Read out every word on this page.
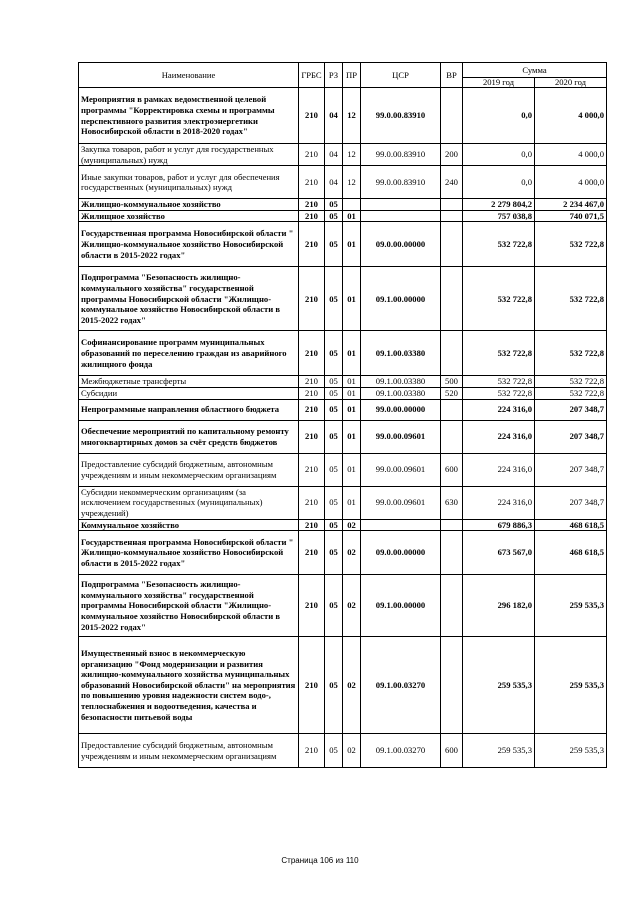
Наименование	ГРБС	РЗ	ПР	ЦСР	ВР	Сумма	
						2019 год	2020 год
Мероприятия в рамках ведомственной целевой программы "Корректировка схемы и программы перспективного развития электроэнергетики Новосибирской области в 2018-2020 годах"	210	04	12	99.0.00.83910		0,0	4 000,0
Закупка товаров, работ и услуг для государственных (муниципальных) нужд	210	04	12	99.0.00.83910	200	0,0	4 000,0
Иные закупки товаров, работ и услуг для обеспечения государственных (муниципальных) нужд	210	04	12	99.0.00.83910	240	0,0	4 000,0
Жилищно-коммунальное хозяйство	210	05				2 279 804,2	2 234 467,0
Жилищное хозяйство	210	05	01			757 038,8	740 071,5
Государственная программа Новосибирской области " Жилищно-коммунальное хозяйство Новосибирской области в 2015-2022 годах"	210	05	01	09.0.00.00000		532 722,8	532 722,8
Подпрограмма "Безопасность жилищно-коммунального хозяйства" государственной программы Новосибирской области "Жилищно-коммунальное хозяйство Новосибирской области в 2015-2022 годах"	210	05	01	09.1.00.00000		532 722,8	532 722,8
Софинансирование программ муниципальных образований по переселению граждан из аварийного жилищного фонда	210	05	01	09.1.00.03380		532 722,8	532 722,8
Межбюджетные трансферты	210	05	01	09.1.00.03380	500	532 722,8	532 722,8
Субсидии	210	05	01	09.1.00.03380	520	532 722,8	532 722,8
Непрограммные направления областного бюджета	210	05	01	99.0.00.00000		224 316,0	207 348,7
Обеспечение мероприятий по капитальному ремонту многоквартирных домов за счёт средств бюджетов	210	05	01	99.0.00.09601		224 316,0	207 348,7
Предоставление субсидий бюджетным, автономным учреждениям и иным некоммерческим организациям	210	05	01	99.0.00.09601	600	224 316,0	207 348,7
Субсидии некоммерческим организациям (за исключением государственных (муниципальных) учреждений)	210	05	01	99.0.00.09601	630	224 316,0	207 348,7
Коммунальное хозяйство	210	05	02			679 886,3	468 618,5
Государственная программа Новосибирской области " Жилищно-коммунальное хозяйство Новосибирской области в 2015-2022 годах"	210	05	02	09.0.00.00000		673 567,0	468 618,5
Подпрограмма "Безопасность жилищно-коммунального хозяйства" государственной программы Новосибирской области "Жилищно-коммунальное хозяйство Новосибирской области в 2015-2022 годах"	210	05	02	09.1.00.00000		296 182,0	259 535,3
Имущественный взнос в некоммерческую организацию "Фонд модернизации и развития жилищно-коммунального хозяйства муниципальных образований Новосибирской области" на мероприятия по повышению уровня надежности систем водо-, теплоснабжения и водоотведения, качества и безопасности питьевой воды	210	05	02	09.1.00.03270		259 535,3	259 535,3
Предоставление субсидий бюджетным, автономным учреждениям и иным некоммерческим организациям	210	05	02	09.1.00.03270	600	259 535,3	259 535,3
Страница 106 из 110
